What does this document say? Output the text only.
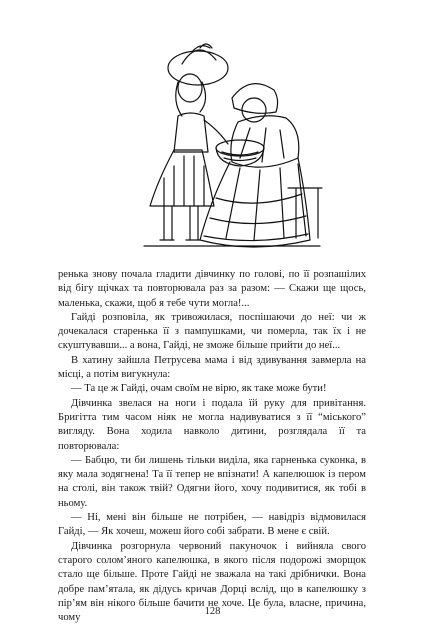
ренька знову почала гладити дівчинку по голові, по її розпашілих від бігу щічках та повторювала раз за разом: — Скажи ще щось, маленька, скажи, щоб я тебе чути могла!...

Гайді розповіла, як тривожилася, поспішаючи до неї: чи ж дочекалася старенька її з пампушками, чи померла, так їх і не скуштувавши... а вона, Гайді, не зможе більше прийти до неї...

В хатину зайшла Петрусева мама і від здивування завмерла на місці, а потім вигукнула:

— Та це ж Гайді, очам своїм не вірю, як таке може бути!

Дівчинка звелася на ноги і подала їй руку для привітання. Бригітта тим часом ніяк не могла надивуватися з її “міського” вигляду. Вона ходила навколо дитини, розглядала її та повторювала:

— Бабцю, ти би лишень тільки виділа, яка гарненька суконка, в яку мала зодягнена! Та її тепер не впізнати! А капелюшок із пером на столі, він також твій? Одягни його, хочу подивитися, як тобі в ньому.

— Ні, мені він більше не потрібен, — навідріз відмовилася Гайді, — Як хочеш, можеш його собі забрати. В мене є свій.

Дівчинка розгорнула червоний пакуночок і вийняла свого старого солом’яного капелюшка, в якого після подорожі зморщок стало ще більше. Проте Гайді не зважала на такі дрібнички. Вона добре пам’ятала, як дідусь кричав Дорці вслід, що в капелюшку з пір’ям він нікого більше бачити не хоче. Це була, власне, причина, чому

128
